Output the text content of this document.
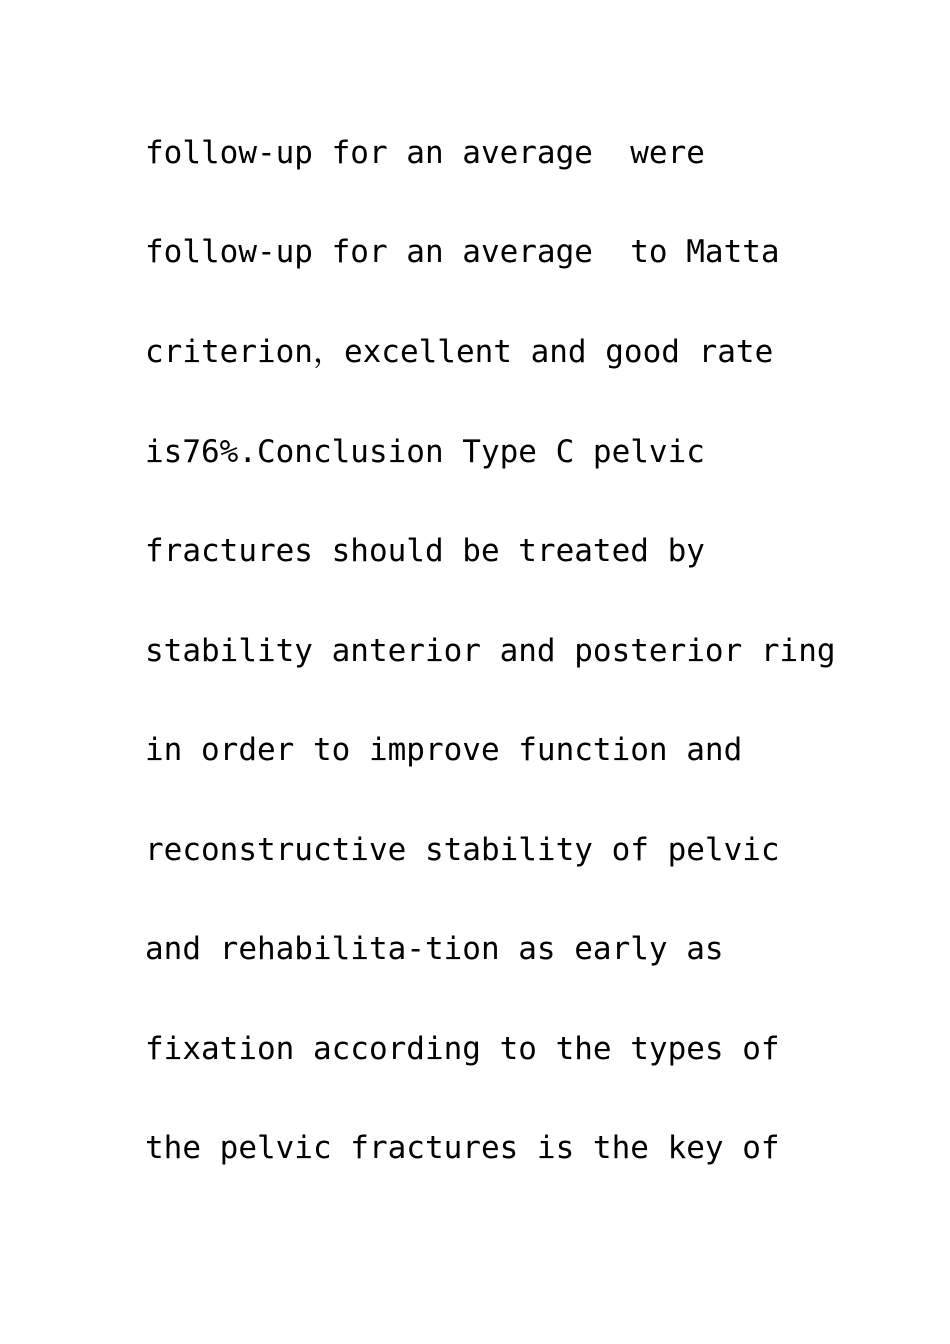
follow-up for an average  were

follow-up for an average  to Matta

criterion，excellent and good rate

is76%.Conclusion Type C pelvic

fractures should be treated by

stability anterior and posterior ring

in order to improve function and

reconstructive stability of pelvic

and rehabilita-tion as early as

fixation according to the types of

the pelvic fractures is the key of
